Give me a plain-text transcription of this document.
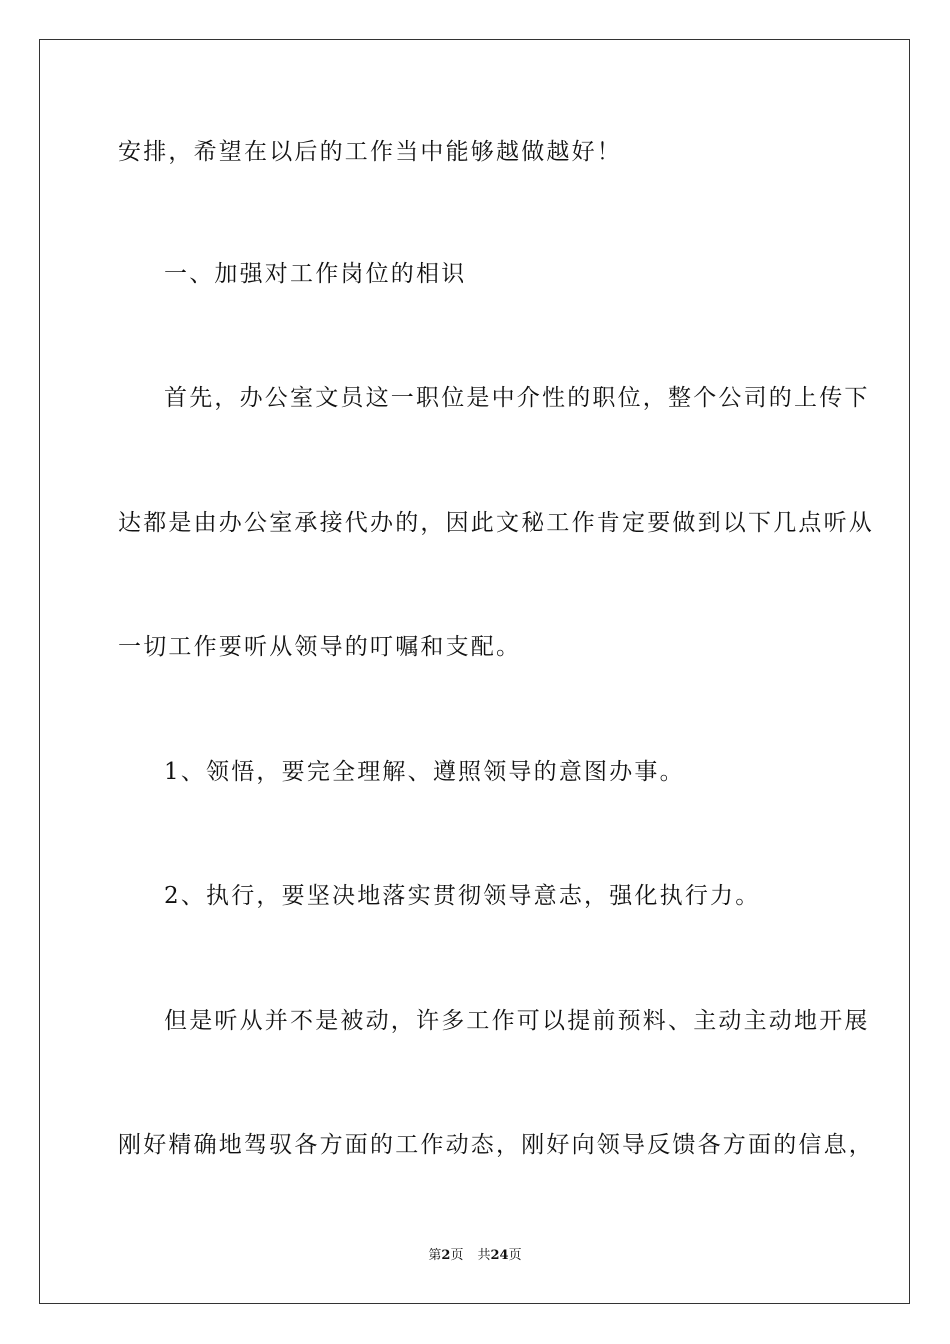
安排，希望在以后的工作当中能够越做越好！
一、加强对工作岗位的相识
首先，办公室文员这一职位是中介性的职位，整个公司的上传下
达都是由办公室承接代办的，因此文秘工作肯定要做到以下几点听从
一切工作要听从领导的叮嘱和支配。
1、领悟，要完全理解、遵照领导的意图办事。
2、执行，要坚决地落实贯彻领导意志，强化执行力。
但是听从并不是被动，许多工作可以提前预料、主动主动地开展
刚好精确地驾驭各方面的工作动态，刚好向领导反馈各方面的信息，
第2页 共24页
